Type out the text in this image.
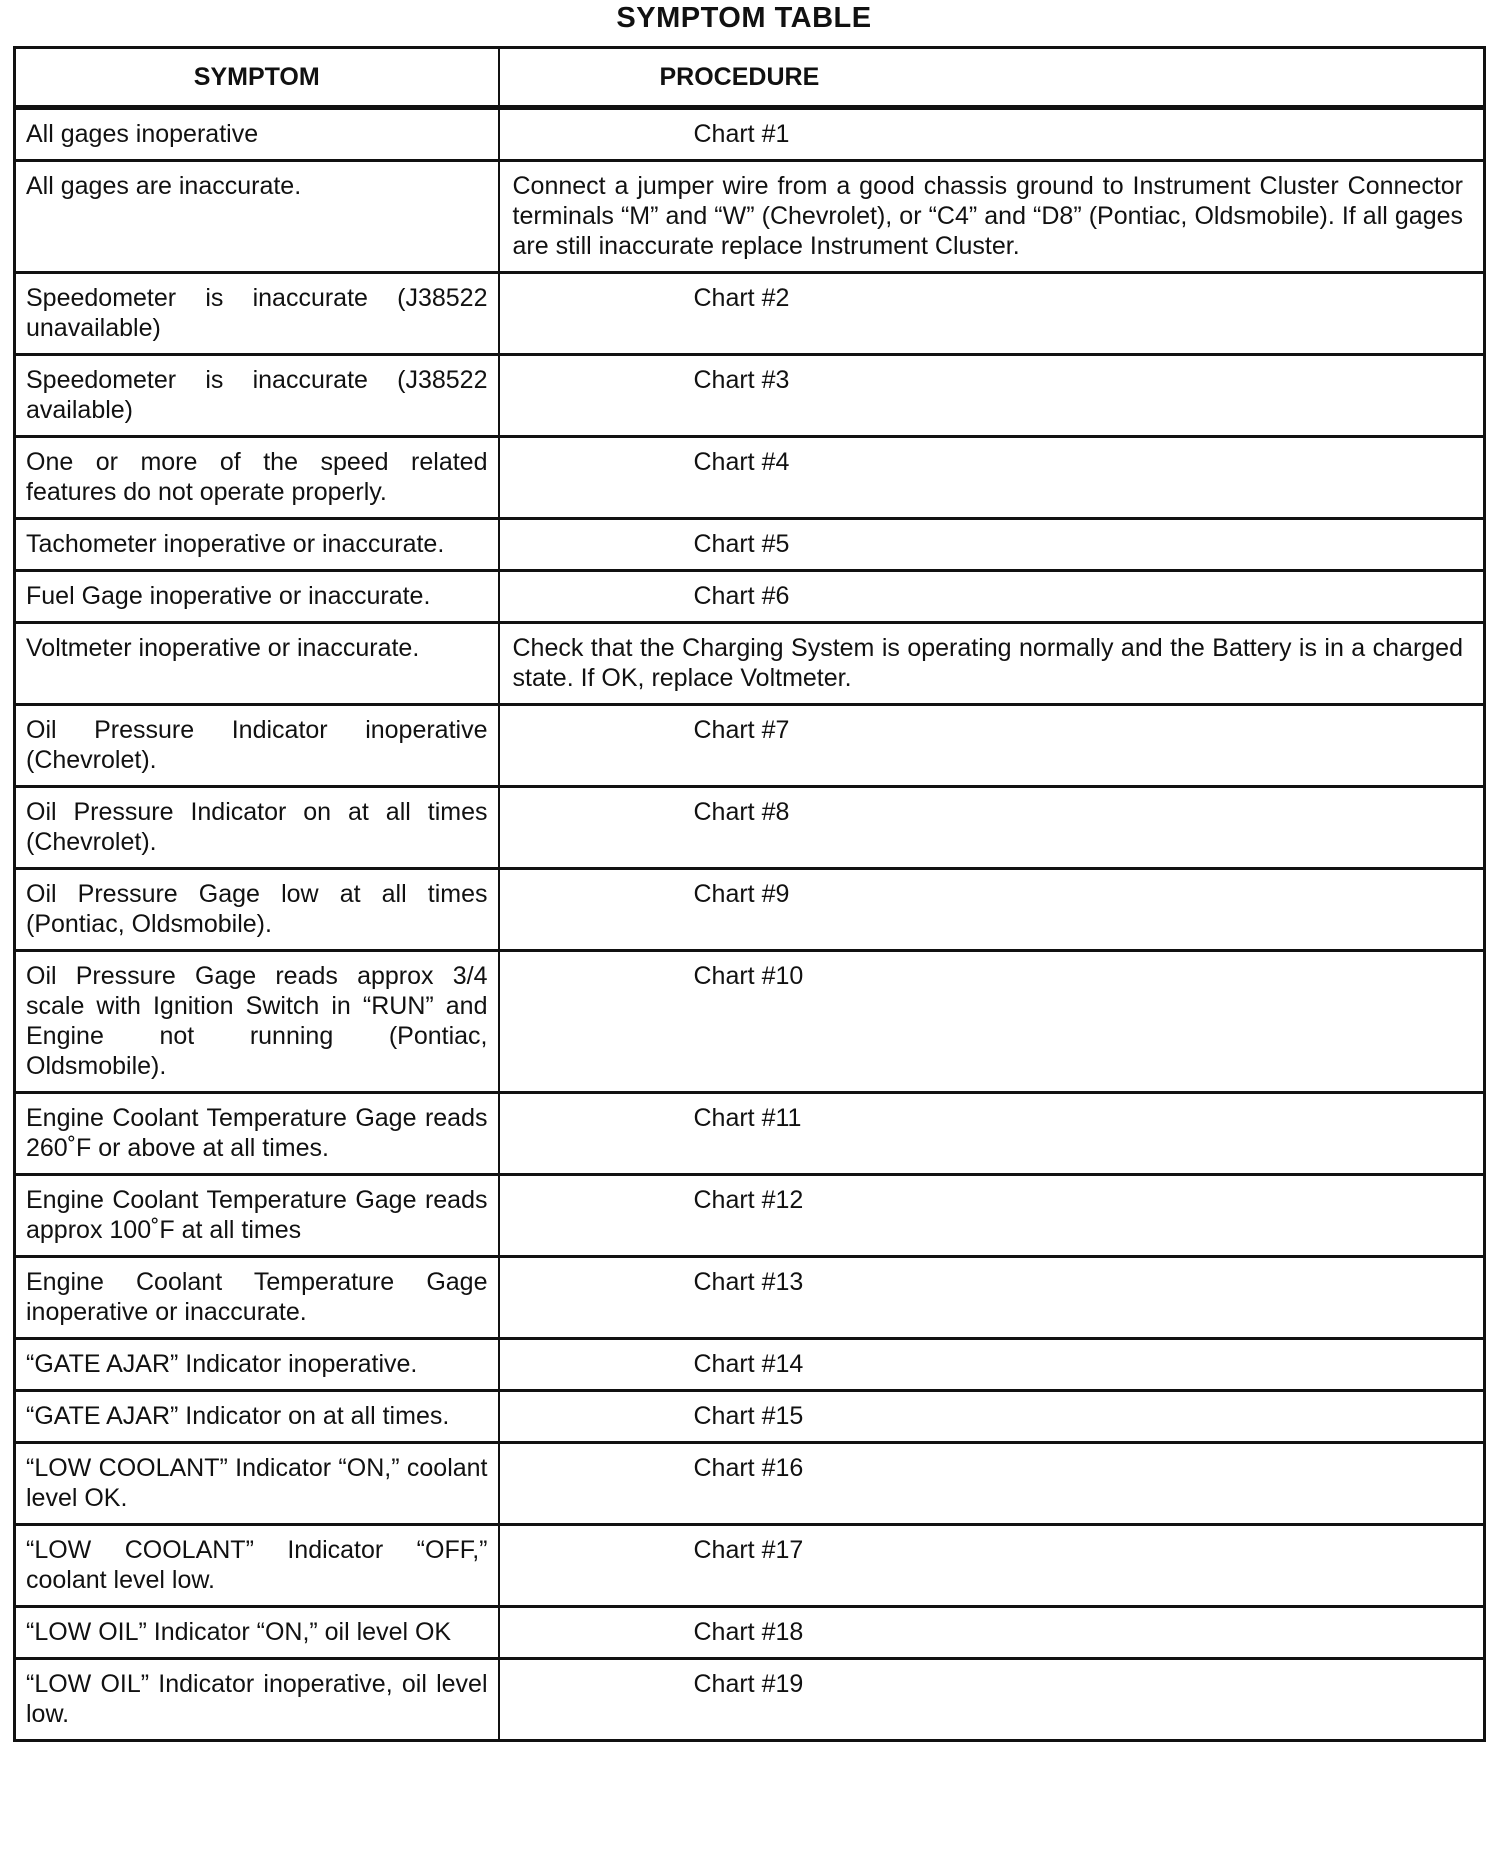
SYMPTOM TABLE
SYMPTOM	PROCEDURE
All gages inoperative	Chart #1

All gages are inaccurate.	Connect a jumper wire from a good chassis ground to Instrument Cluster Connector terminals “M” and “W” (Chevrolet), or “C4” and “D8” (Pontiac, Oldsmobile). If all gages are still inaccurate replace Instrument Cluster.

Speedometer is inaccurate (J38522 unavailable)	Chart #2

Speedometer is inaccurate (J38522 available)	Chart #3

One or more of the speed related features do not operate properly.	Chart #4

Tachometer inoperative or inaccurate.	Chart #5

Fuel Gage inoperative or inaccurate.	Chart #6

Voltmeter inoperative or inaccurate.	Check that the Charging System is operating normally and the Battery is in a charged state. If OK, replace Voltmeter.

Oil Pressure Indicator inoperative (Chevrolet).	Chart #7

Oil Pressure Indicator on at all times (Chevrolet).	Chart #8

Oil Pressure Gage low at all times (Pontiac, Oldsmobile).	Chart #9

Oil Pressure Gage reads approx 3/4 scale with Ignition Switch in “RUN” and Engine not running (Pontiac, Oldsmobile).	Chart #10

Engine Coolant Temperature Gage reads 260˚F or above at all times.	Chart #11

Engine Coolant Temperature Gage reads approx 100˚F at all times	Chart #12

Engine Coolant Temperature Gage inoperative or inaccurate.	Chart #13

“GATE AJAR” Indicator inoperative.	Chart #14

“GATE AJAR” Indicator on at all times.	Chart #15

“LOW COOLANT” Indicator “ON,” coolant level OK.	Chart #16

“LOW COOLANT” Indicator “OFF,” coolant level low.	Chart #17

“LOW OIL” Indicator “ON,” oil level OK	Chart #18

“LOW OIL” Indicator inoperative, oil level low.	Chart #19
